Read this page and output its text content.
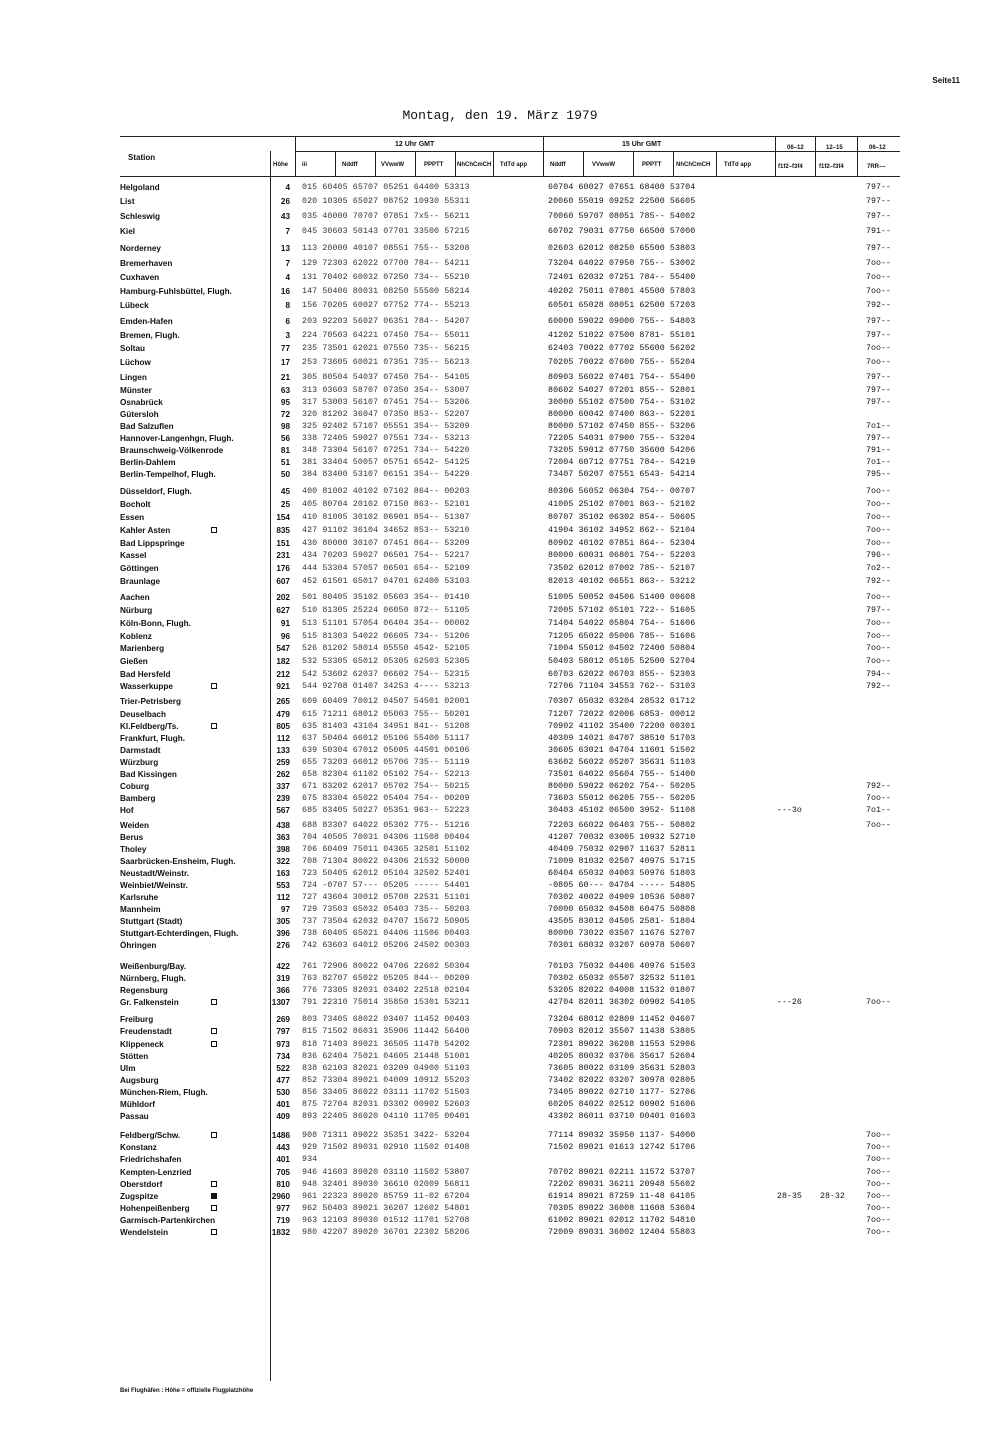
Seite11
Montag, den 19. März 1979
Station
Höhe iii
12 Uhr GMT	15 Uhr GMT
Nddff	VVwwW	PPPTT NhChCmCH TdTd app	Nddff	VVwwW	PPPTT NhChCmCH TdTd app
06–12	12–15	06–12
f1f2–f3f4	f1f2–f3f4	7RR––
Helgoland	4 015 60405 65707 05251 64400 53313	60704 60027 07651 68400 53704	797--
List	26 020 10305 65027 08752 10930 55311	20060 55019 09252 22500 56605	797--
Schleswig	43 035 40000 70707 07851 7x5-- 56211	70060 59707 08051 785-- 54002	797--
Kiel	7 045 30603 50143 07701 33500 57215	60702 79031 07750 66500 57000	791--
Norderney	13 113 20000 40107 08551 755-- 53208	02603 62012 08250 65500 53803	797--
Bremerhaven	7 129 72303 62022 07700 784-- 54211	73204 64022 07950 755-- 53002	7oo--
Cuxhaven	4 131 70402 60032 07250 734-- 55210	72401 62032 07251 784-- 55400	7oo--
Hamburg-Fuhlsbüttel, Flugh.	16 147 50406 80031 08250 55500 58214	40202 75011 07801 45500 57803	7oo--
Lübeck	8 156 70205 60027 07752 774-- 55213	60501 65028 08051 62500 57203	792--
Emden-Hafen	6 203 92203 56027 06351 784-- 54207	60000 59022 09000 755-- 54803	797--
Bremen, Flugh.	3 224 70503 64221 07450 754-- 55011	41202 51022 07500 8781- 55101	797--
Soltau	77 235 73501 62021 07550 735-- 56215	62403 70022 07702 55600 56202	7oo--
Lüchow	17 253 73605 60021 07351 735-- 56213	70205 70022 07600 755-- 55204	7oo--
Lingen	21 305 80504 54037 07450 754-- 54105	80903 56022 07401 754-- 55400	797--
Münster	63 313 03603 58707 07350 354-- 53007	80602 54027 07201 855-- 52801	797--
Osnabrück	95 317 53003 56107 07451 754-- 53206	30000 55102 07500 754-- 53102	797--
Gütersloh	72 320 81202 36047 07350 853-- 52207	80000 60042 07400 863-- 52201
Bad Salzuflen	98 325 92402 57107 05551 354-- 53209	80000 57102 07450 855-- 53206	7o1--
Hannover-Langenhgn, Flugh.	56 338 72405 59027 07551 734-- 53213	72205 54031 07900 755-- 53204	797--
Braunschweig-Völkenrode	81 348 73304 56107 07251 734-- 54220	73205 59012 07750 35600 54206	791--
Berlin-Dahlem	51 381 33404 50057 05751 6542- 54125	72004 60712 07751 784-- 54219	7o1--
Berlin-Tempelhof, Flugh.	50 384 83400 53107 06151 354-- 54229	73407 50207 07551 6543- 54214	795--
Düsseldorf, Flugh.	45 400 81002 40102 07102 864-- 00203	80306 56052 06304 754-- 00707	7oo--
Bocholt	25 405 80704 20102 07150 863-- 52101	41005 25102 07001 863-- 52102	7oo--
Essen	154 410 81005 30102 06901 854-- 51307	80707 35102 06302 854-- 50605	7oo--
Kahler Asten	835 427 91102 36104 34652 853-- 53210	41904 36102 34952 862-- 52104	7oo--
Bad Lippspringe	151 430 80000 30107 07451 864-- 53209	80902 40102 07851 864-- 52304	7oo--
Kassel	231 434 70203 59027 06501 754-- 52217	80000 60031 06801 754-- 52203	796--
Göttingen	176 444 53304 57057 06501 654-- 52109	73502 62012 07002 785-- 52107	7o2--
Braunlage	607 452 61501 65017 04701 62400 53103	82013 40102 06551 863-- 53212	792--
Aachen	202 501 80405 35102 05603 354-- 01410	51005 50052 04506 51400 00608	7oo--
Nürburg	627 510 81305 25224 06050 872-- 51105	72005 57102 05101 722-- 51605	797--
Köln-Bonn, Flugh.	91 513 51101 57054 06404 354-- 00002	71404 54022 05804 754-- 51606	7oo--
Koblenz	96 515 81303 54022 06605 734-- 51206	71205 65022 05006 785-- 51606	7oo--
Marienberg	547 526 81202 58014 05550 4542- 52105	71004 55012 04502 72400 50804	7oo--
Gießen	182 532 53305 65012 05305 62503 52305	50403 58012 05105 52500 52704	7oo--
Bad Hersfeld	212 542 53602 62037 06602 754-- 52315	60703 62022 06703 855-- 52303	794--
Wasserkuppe	921 544 92708 01407 34253 4---- 53213	72706 71104 34553 762-- 53103	792--
Trier-Petrisberg	265 609 60409 70012 04507 54501 02001	70307 65032 03204 28532 01712
Deuselbach	479 615 71211 68012 05003 755-- 50201	71207 72022 02006 6853- 00012
Kl.Feldberg/Ts.	805 635 81403 43104 34951 841-- 51208	70902 41102 35400 72200 00301
Frankfurt, Flugh.	112 637 50404 66012 05106 55400 51117	40309 14021 04707 38510 51703
Darmstadt	133 639 50304 67012 05005 44501 00106	30605 63021 04704 11601 51502
Würzburg	259 655 73203 66012 05706 735-- 51119	63602 56022 05207 35631 51103
Bad Kissingen	262 658 82304 61102 05102 754-- 52213	73501 64022 05604 755-- 51400
Coburg	337 671 83202 62017 05702 754-- 50215	80000 59022 06202 754-- 50205	792--
Bamberg	239 675 83304 65022 05404 754-- 00209	73603 55012 06205 755-- 50205	7oo--
Hof	567 685 83405 50227 05351 963-- 52223	30403 45102 06500 3952- 51108	---3o	7o1--
Weiden	438 688 83307 64022 05302 775-- 51216	72203 66022 06403 755-- 50802	7oo--
Berus	363 704 40505 70031 04306 11508 00404	41207 70032 03005 10932 52710
Tholey	398 706 60409 75011 04365 32501 51102	40409 75032 02907 11637 52811
Saarbrücken-Ensheim, Flugh.	322 708 71304 80022 04306 21532 50000	71009 81032 02507 40975 51715
Neustadt/Weinstr.	163 723 50405 62012 05104 32502 52401	60404 65032 04003 50976 51803
Weinbiet/Weinstr.	553 724 -0707 57--- 05205 ----- 54401	-0805 60--- 04704 ----- 54805
Karlsruhe	112 727 43604 30012 05708 22531 51101	70302 40022 04909 10536 50807
Mannheim	97 729 73503 65032 05403 735-- 50203	70000 65032 04508 60475 50808
Stuttgart (Stadt)	305 737 73504 62032 04707 15672 50905	43505 83012 04505 2581- 51804
Stuttgart-Echterdingen, Flugh.	396 738 60405 65021 04406 11506 00403	80000 73022 03507 11676 52707
Öhringen	276 742 63603 64012 05206 24502 00303	70301 68032 03207 60978 50607
Weißenburg/Bay.	422 761 72906 80022 04706 22602 50304	70103 75032 04406 40976 51503
Nürnberg, Flugh.	319 763 82707 65022 05205 844-- 00209	70302 65032 05507 32532 51101
Regensburg	366 776 73305 82031 03402 22518 02104	53205 82022 04008 11532 01807
Gr. Falkenstein	1307 791 22310 75014 35850 15301 53211	42704 82011 36302 00902 54105	---26	7oo--
Freiburg	269 803 73405 68022 03407 11452 00403	73204 68012 02809 11452 04607
Freudenstadt	797 815 71502 86031 35906 11442 56400	70903 82012 35507 11438 53805
Klippeneck	973 818 71403 89021 36505 11478 54202	72301 89022 36208 11553 52906
Stötten	734 836 62404 75021 04605 21448 51001	40205 80032 03706 35617 52604
Ulm	522 838 62103 82021 03209 04900 51103	73605 80022 03109 35631 52803
Augsburg	477 852 73304 89021 04009 10912 55203	73402 82022 03207 30978 02805
München-Riem, Flugh.	530 856 33405 86022 03111 11702 51503	73405 89022 02710 1177- 52706
Mühldorf	401 875 72704 82031 03302 00902 52603	60205 84022 02512 00902 51606
Passau	409 893 22405 86020 04110 11705 00401	43302 86011 03710 00401 01603
Feldberg/Schw.	1486 908 71311 89022 35351 3422- 53204	77114 89032 35950 1137- 54000	7oo--
Konstanz	443 929 71502 89031 02910 11502 01408	71502 89021 01613 12742 51706	7oo--
Friedrichshafen	401 934	7oo--
Kempten-Lenzried	705 946 41603 89020 03110 11502 53807	70702 89021 02211 11572 53707	7oo--
Oberstdorf	810 948 32401 89030 36610 02009 56811	72202 89031 36211 20948 55602	7oo--
Zugspitze	2960 961 22323 89020 85759 11-02 67204	61914 89021 87259 11-48 64105	28-35 28-32	7oo--
Hohenpeißenberg	977 962 50403 89021 36207 12602 54801	70305 89022 36008 11608 53604	7oo--
Garmisch-Partenkirchen	719 963 12103 89030 01512 11701 52708	61002 89021 02012 11702 54810	7oo--
Wendelstein	1832 980 42207 89020 36701 22302 58206	72009 89031 36002 12404 55803	7oo--
Bei Flughäfen : Höhe = offizielle Flugplatzhöhe
